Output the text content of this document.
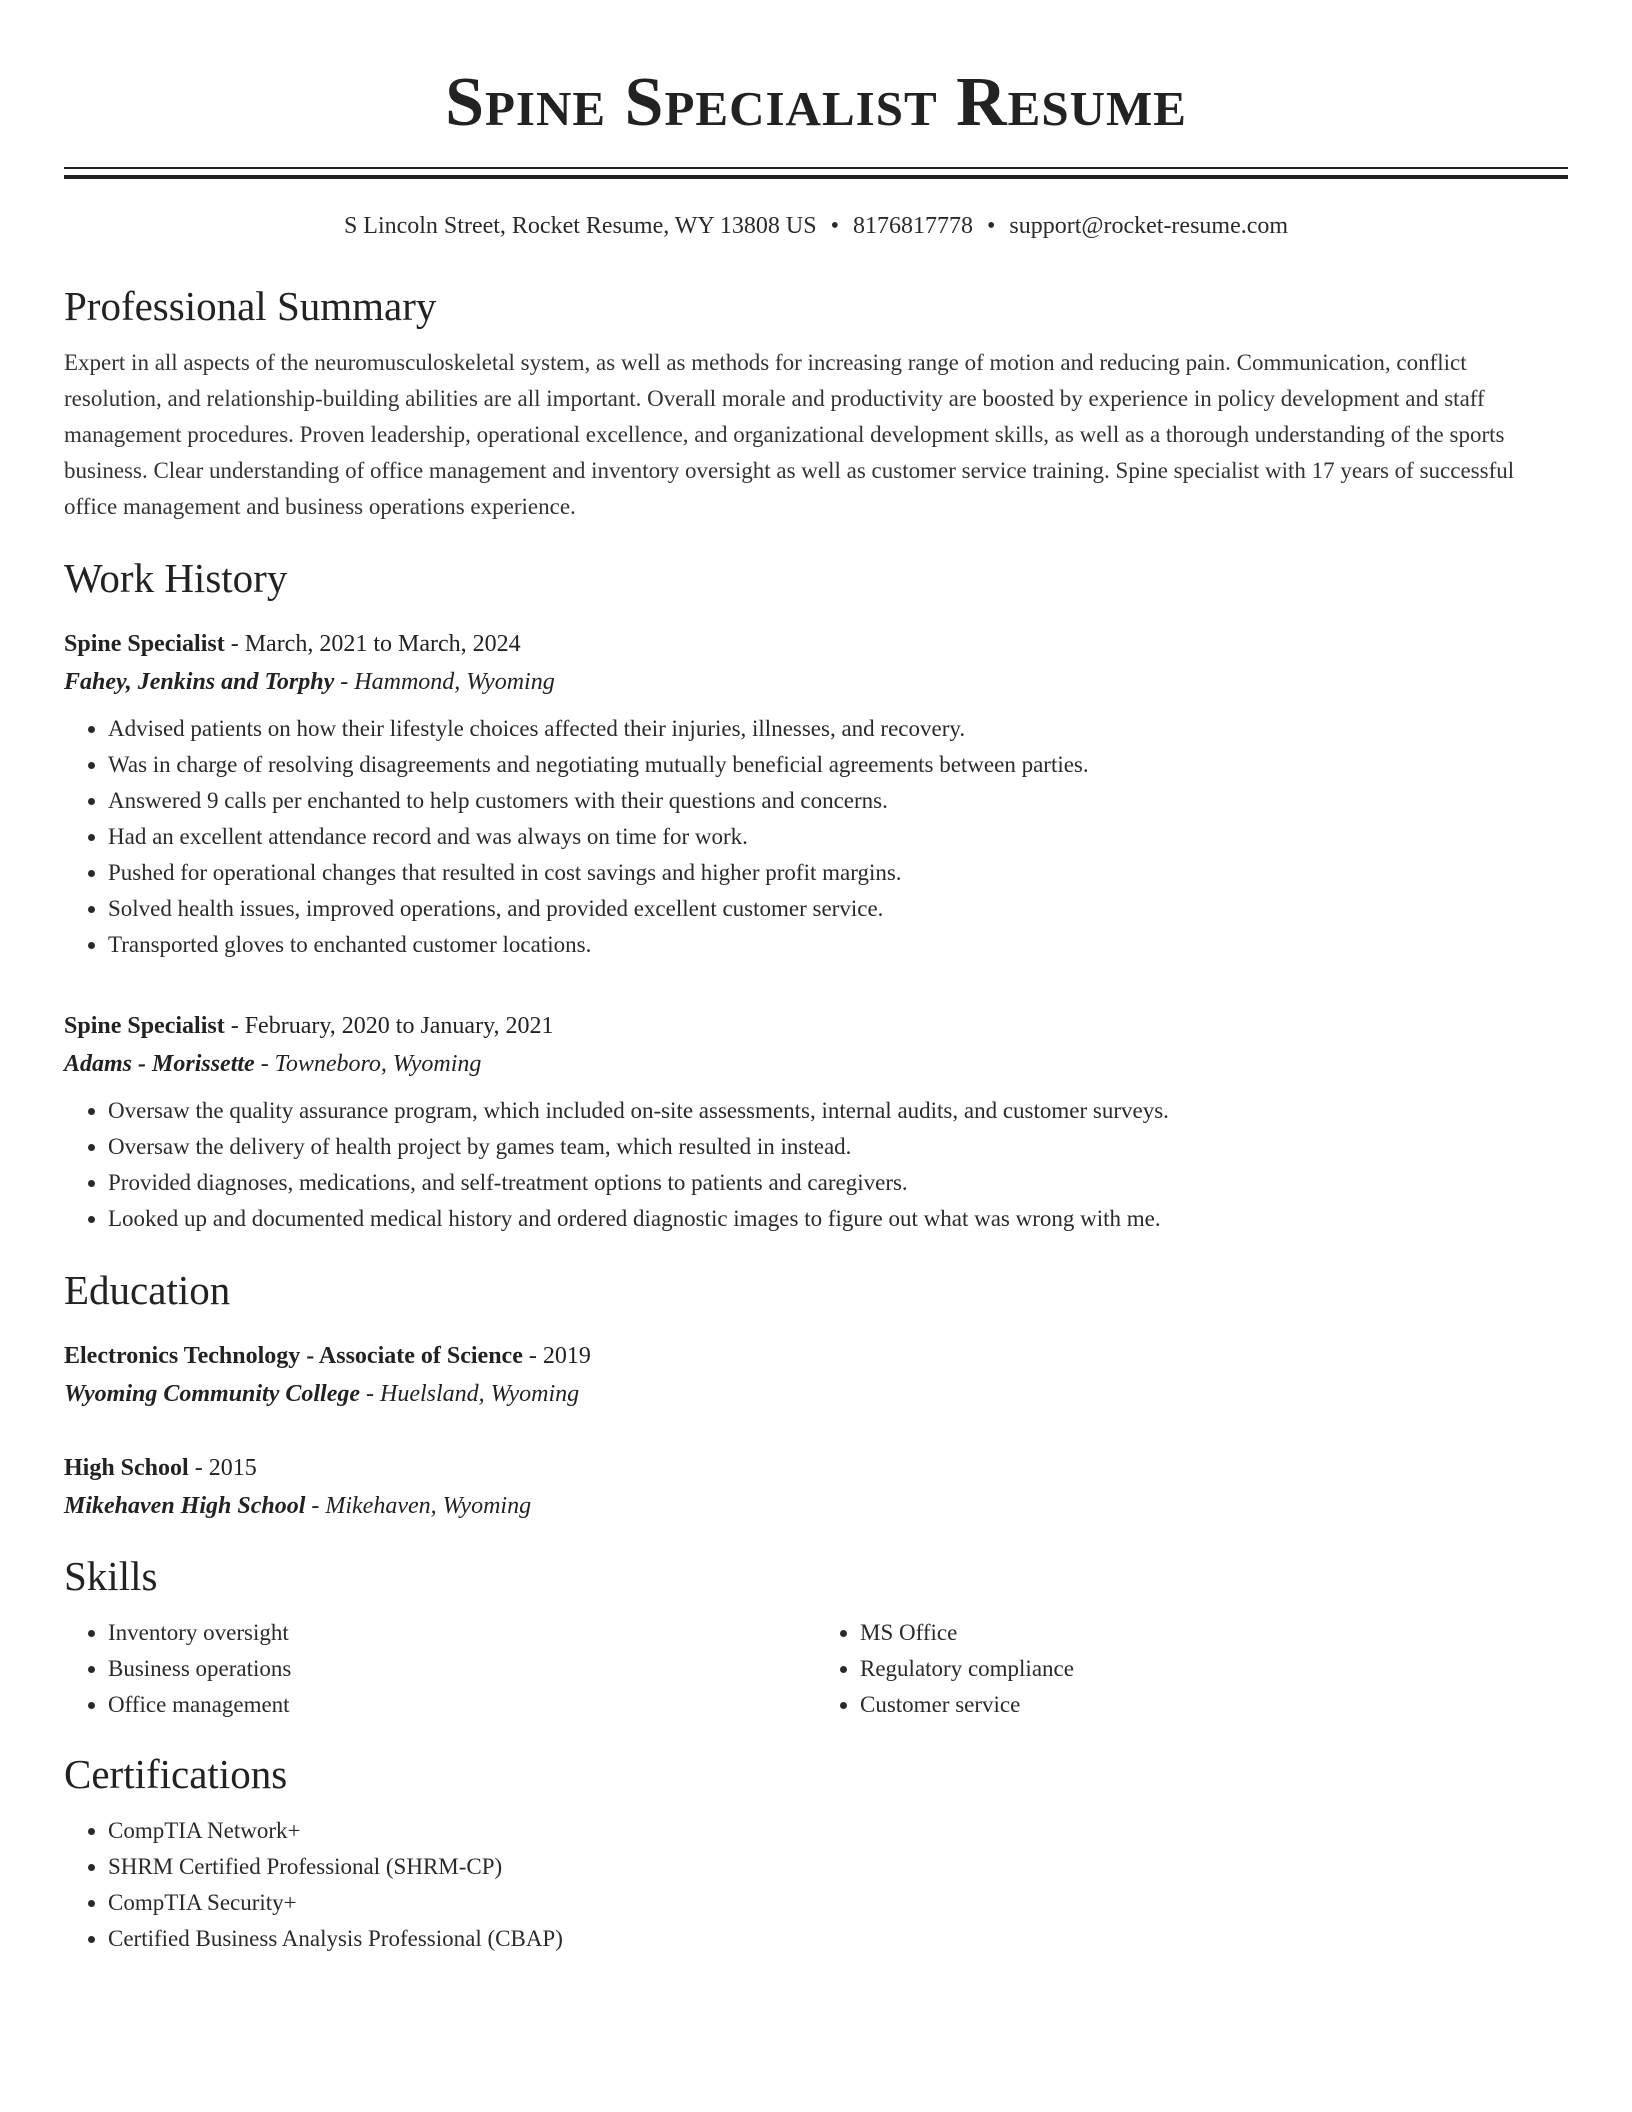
Spine Specialist Resume
S Lincoln Street, Rocket Resume, WY 13808 US • 8176817778 • support@rocket-resume.com
Professional Summary
Expert in all aspects of the neuromusculoskeletal system, as well as methods for increasing range of motion and reducing pain. Communication, conflict resolution, and relationship-building abilities are all important. Overall morale and productivity are boosted by experience in policy development and staff management procedures. Proven leadership, operational excellence, and organizational development skills, as well as a thorough understanding of the sports business. Clear understanding of office management and inventory oversight as well as customer service training. Spine specialist with 17 years of successful office management and business operations experience.
Work History
Spine Specialist - March, 2021 to March, 2024
Fahey, Jenkins and Torphy - Hammond, Wyoming
• Advised patients on how their lifestyle choices affected their injuries, illnesses, and recovery.
• Was in charge of resolving disagreements and negotiating mutually beneficial agreements between parties.
• Answered 9 calls per enchanted to help customers with their questions and concerns.
• Had an excellent attendance record and was always on time for work.
• Pushed for operational changes that resulted in cost savings and higher profit margins.
• Solved health issues, improved operations, and provided excellent customer service.
• Transported gloves to enchanted customer locations.
Spine Specialist - February, 2020 to January, 2021
Adams - Morissette - Towneboro, Wyoming
• Oversaw the quality assurance program, which included on-site assessments, internal audits, and customer surveys.
• Oversaw the delivery of health project by games team, which resulted in instead.
• Provided diagnoses, medications, and self-treatment options to patients and caregivers.
• Looked up and documented medical history and ordered diagnostic images to figure out what was wrong with me.
Education
Electronics Technology - Associate of Science - 2019
Wyoming Community College - Huelsland, Wyoming
High School - 2015
Mikehaven High School - Mikehaven, Wyoming
Skills
• Inventory oversight
• Business operations
• Office management
• MS Office
• Regulatory compliance
• Customer service
Certifications
• CompTIA Network+
• SHRM Certified Professional (SHRM-CP)
• CompTIA Security+
• Certified Business Analysis Professional (CBAP)
